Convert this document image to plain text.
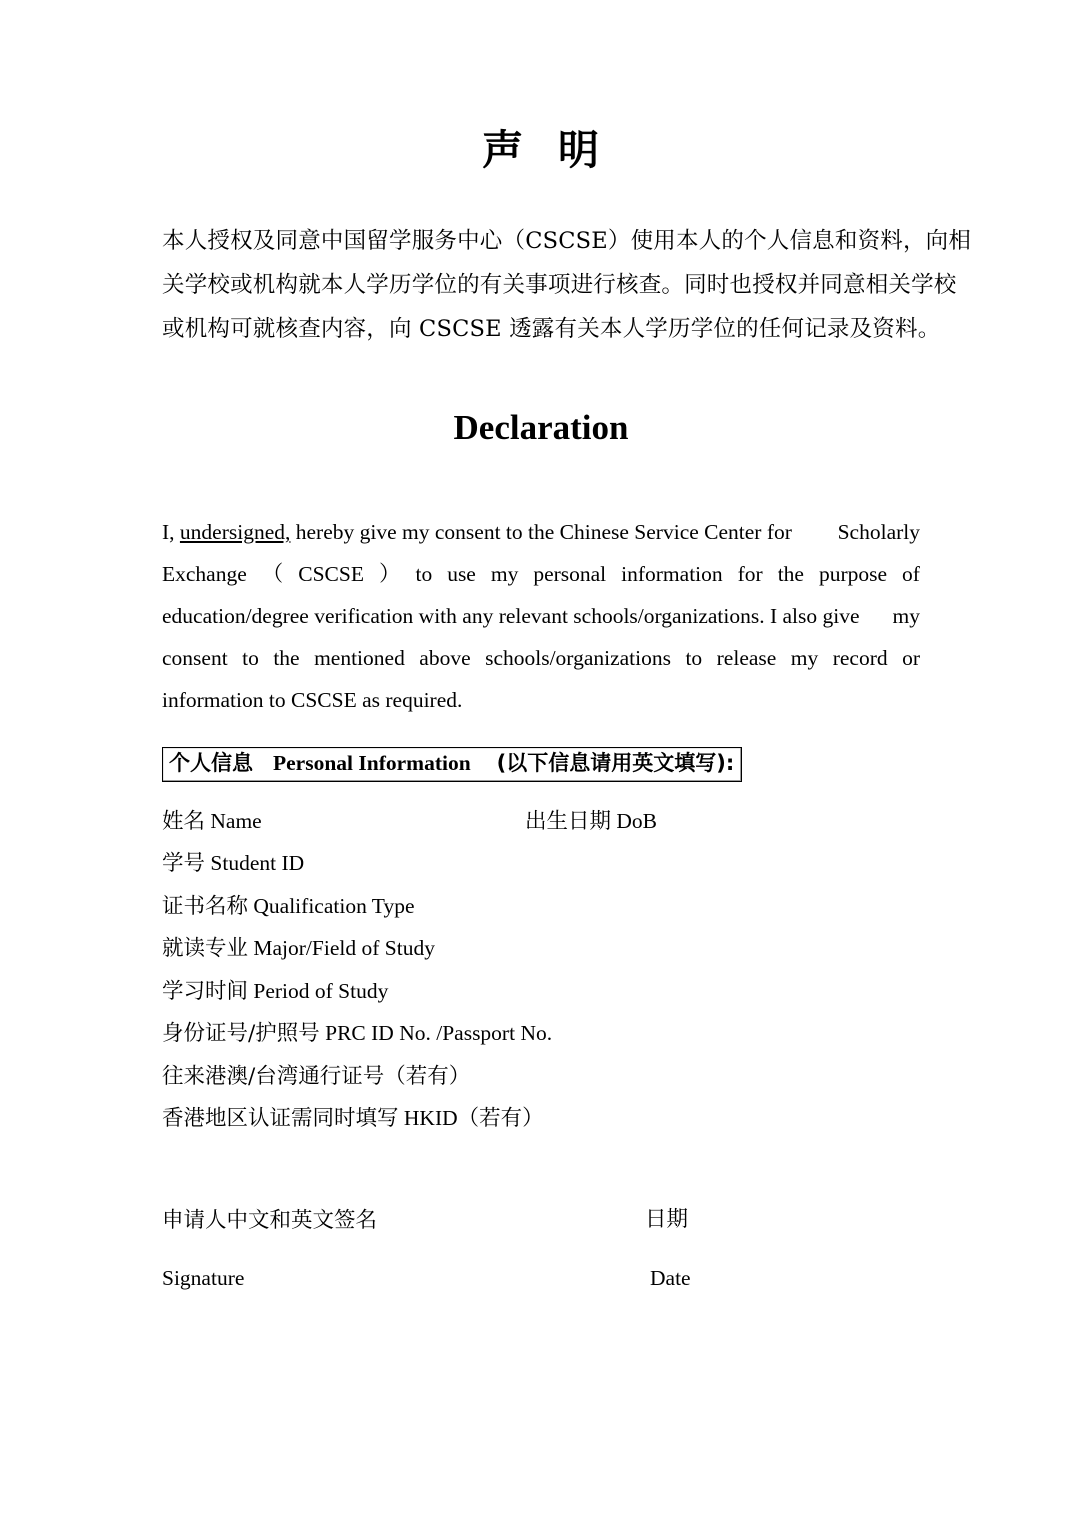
声 明
本人授权及同意中国留学服务中心（CSCSE）使用本人的个人信息和资料，向相
关学校或机构就本人学历学位的有关事项进行核查。同时也授权并同意相关学校
或机构可就核查内容，向 CSCSE 透露有关本人学历学位的任何记录及资料。
Declaration
I, undersigned, hereby give my consent to the Chinese Service Center for Scholarly
Exchange （ CSCSE ） to use my personal information for the purpose of
education/degree verification with any relevant schools/organizations. I also give my
consent to the mentioned above schools/organizations to release my record or
information to CSCSE as required.
个人信息 Personal Information (以下信息请用英文填写):
姓名 Name	出生日期 DoB
学号 Student ID
证书名称 Qualification Type
就读专业 Major/Field of Study
学习时间 Period of Study
身份证号/护照号 PRC ID No. /Passport No.
往来港澳/台湾通行证号（若有）
香港地区认证需同时填写 HKID（若有）
申请人中文和英文签名	日期
Signature	Date
